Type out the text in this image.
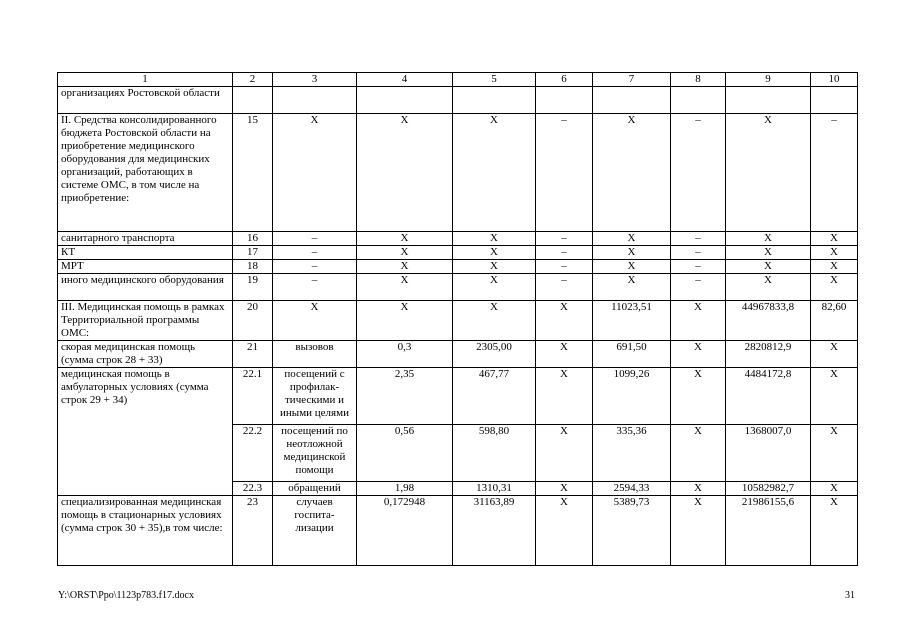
1	2	3	4	5	6	7	8	9	10
организациях Ростовской области									
II. Средства консолидированного бюджета Ростовской области на приобретение медицинского оборудования для медицинских организаций, работающих в системе ОМС, в том числе на приобретение:	15	Х	Х	Х	–	Х	–	Х	–
санитарного транспорта	16	–	Х	Х	–	Х	–	Х	Х
КТ	17	–	Х	Х	–	Х	–	Х	Х
МРТ	18	–	Х	Х	–	Х	–	Х	Х
иного медицинского оборудования	19	–	Х	Х	–	Х	–	Х	Х
III. Медицинская помощь в рамках Территориальной программы ОМС:	20	Х	Х	Х	Х	11023,51	Х	44967833,8	82,60
скорая медицинская помощь (сумма строк 28 + 33)	21	вызовов	0,3	2305,00	Х	691,50	Х	2820812,9	Х
медицинская помощь в амбулаторных условиях (сумма строк 29 + 34)	22.1	посещений с профилак-тическими и иными целями	2,35	467,77	Х	1099,26	Х	4484172,8	Х
	22.2	посещений по неотложной медицинской помощи	0,56	598,80	Х	335,36	Х	1368007,0	Х
	22.3	обращений	1,98	1310,31	Х	2594,33	Х	10582982,7	Х
специализированная медицинская помощь в стационарных условиях (сумма строк 30 + 35),в том числе:	23	случаев госпита-лизации	0,172948	31163,89	Х	5389,73	Х	21986155,6	Х
Y:\ORST\Ppo\1123p783.f17.docx	31
